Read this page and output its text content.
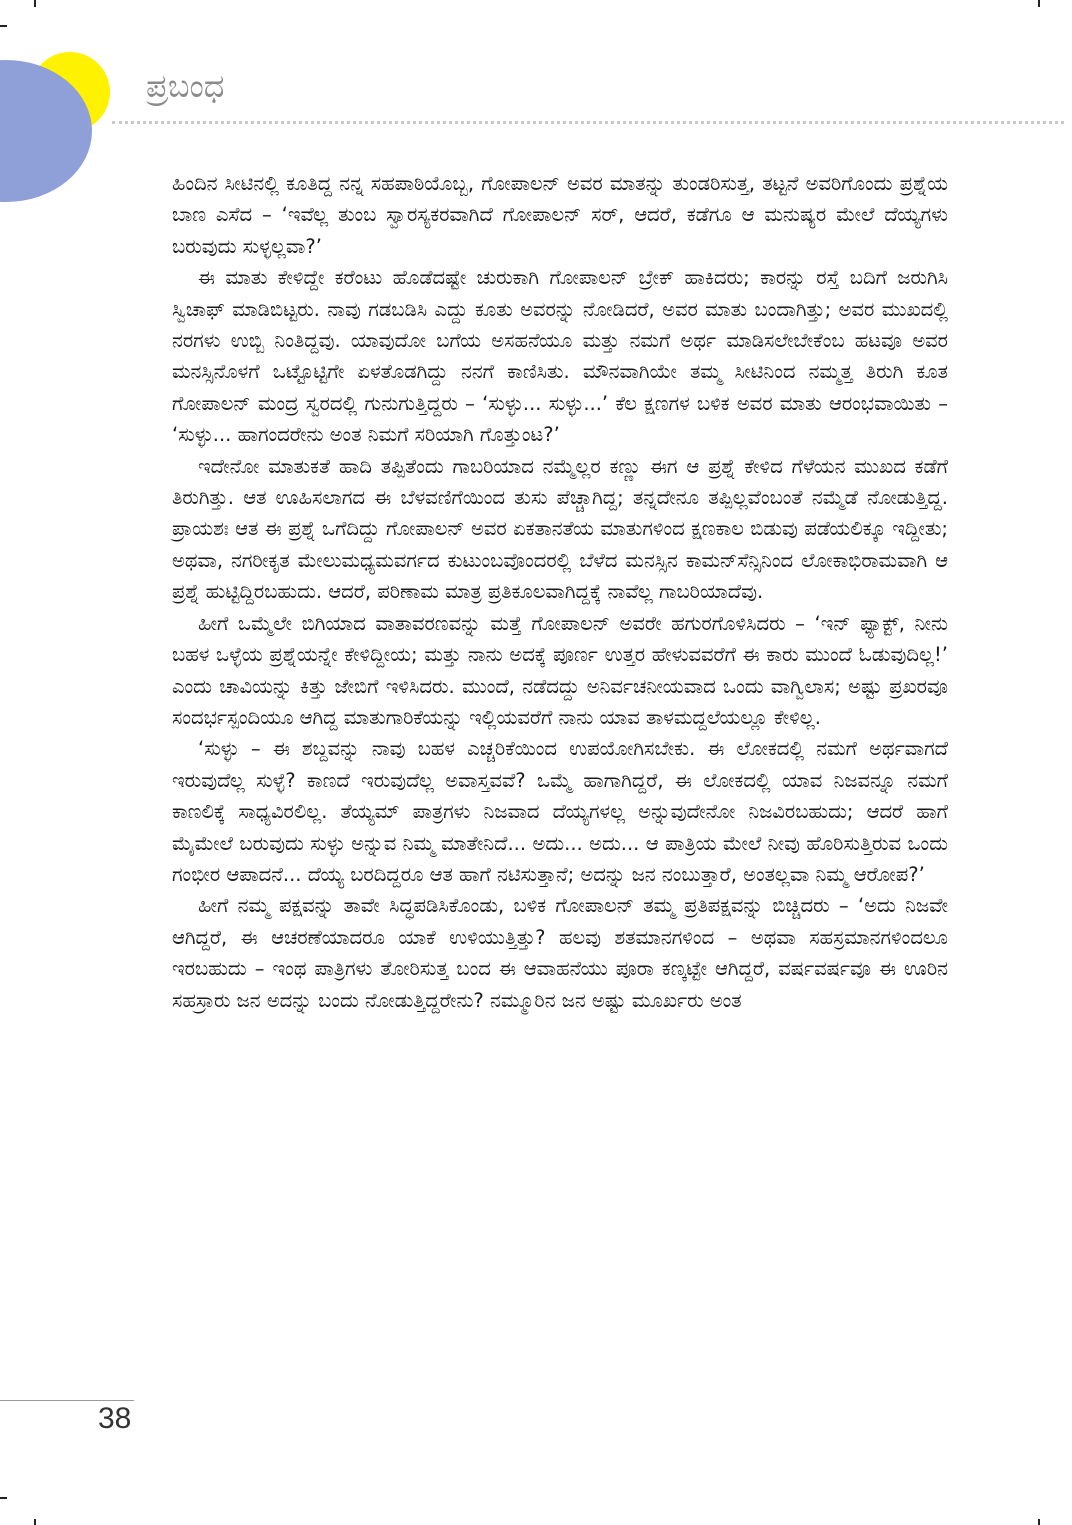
ಪ್ರಬಂಧ

ಹಿಂದಿನ ಸೀಟಿನಲ್ಲಿ ಕೂತಿದ್ದ ನನ್ನ ಸಹಪಾಠಿಯೊಬ್ಬ, ಗೋಪಾಲನ್ ಅವರ ಮಾತನ್ನು ತುಂಡರಿಸುತ್ತ, ತಟ್ಟನೆ ಅವರಿಗೊಂದು ಪ್ರಶ್ನೆಯ ಬಾಣ ಎಸೆದ – ‘ಇವೆಲ್ಲ ತುಂಬ ಸ್ವಾರಸ್ಯಕರವಾಗಿದೆ ಗೋಪಾಲನ್ ಸರ್, ಆದರೆ, ಕಡೆಗೂ ಆ ಮನುಷ್ಯರ ಮೇಲೆ ದೆಯ್ಯಗಳು ಬರುವುದು ಸುಳ್ಳಲ್ಲವಾ?’

ಈ ಮಾತು ಕೇಳಿದ್ದೇ ಕರೆಂಟು ಹೊಡೆದಷ್ಟೇ ಚುರುಕಾಗಿ ಗೋಪಾಲನ್ ಬ್ರೇಕ್ ಹಾಕಿದರು; ಕಾರನ್ನು ರಸ್ತೆ ಬದಿಗೆ ಜರುಗಿಸಿ ಸ್ವಿಚಾಫ್ ಮಾಡಿಬಿಟ್ಟರು. ನಾವು ಗಡಬಡಿಸಿ ಎದ್ದು ಕೂತು ಅವರನ್ನು ನೋಡಿದರೆ, ಅವರ ಮಾತು ಬಂದಾಗಿತ್ತು; ಅವರ ಮುಖದಲ್ಲಿ ನರಗಳು ಉಬ್ಬಿ ನಿಂತಿದ್ದವು. ಯಾವುದೋ ಬಗೆಯ ಅಸಹನೆಯೂ ಮತ್ತು ನಮಗೆ ಅರ್ಥ ಮಾಡಿಸಲೇಬೇಕೆಂಬ ಹಟವೂ ಅವರ ಮನಸ್ಸಿನೊಳಗೆ ಒಟ್ಟೊಟ್ಟಿಗೇ ಏಳತೊಡಗಿದ್ದು ನನಗೆ ಕಾಣಿಸಿತು. ಮೌನವಾಗಿಯೇ ತಮ್ಮ ಸೀಟಿನಿಂದ ನಮ್ಮತ್ತ ತಿರುಗಿ ಕೂತ ಗೋಪಾಲನ್ ಮಂದ್ರ ಸ್ವರದಲ್ಲಿ ಗುನುಗುತ್ತಿದ್ದರು – ‘ಸುಳ್ಳು... ಸುಳ್ಳು...’ ಕೆಲ ಕ್ಷಣಗಳ ಬಳಿಕ ಅವರ ಮಾತು ಆರಂಭವಾಯಿತು – ‘ಸುಳ್ಳು... ಹಾಗಂದರೇನು ಅಂತ ನಿಮಗೆ ಸರಿಯಾಗಿ ಗೊತ್ತುಂಟ?’

ಇದೇನೋ ಮಾತುಕತೆ ಹಾದಿ ತಪ್ಪಿತೆಂದು ಗಾಬರಿಯಾದ ನಮ್ಮೆಲ್ಲರ ಕಣ್ಣು ಈಗ ಆ ಪ್ರಶ್ನೆ ಕೇಳಿದ ಗೆಳೆಯನ ಮುಖದ ಕಡೆಗೆ ತಿರುಗಿತ್ತು. ಆತ ಊಹಿಸಲಾಗದ ಈ ಬೆಳವಣಿಗೆಯಿಂದ ತುಸು ಪೆಚ್ಚಾಗಿದ್ದ; ತನ್ನದೇನೂ ತಪ್ಪಿಲ್ಲವೆಂಬಂತೆ ನಮ್ಮೆಡೆ ನೋಡುತ್ತಿದ್ದ. ಪ್ರಾಯಶಃ ಆತ ಈ ಪ್ರಶ್ನೆ ಒಗೆದಿದ್ದು ಗೋಪಾಲನ್ ಅವರ ಏಕತಾನತೆಯ ಮಾತುಗಳಿಂದ ಕ್ಷಣಕಾಲ ಬಿಡುವು ಪಡೆಯಲಿಕ್ಕೂ ಇದ್ದೀತು; ಅಥವಾ, ನಗರೀಕೃತ ಮೇಲುಮಧ್ಯಮವರ್ಗದ ಕುಟುಂಬವೊಂದರಲ್ಲಿ ಬೆಳೆದ ಮನಸ್ಸಿನ ಕಾಮನ್‌ಸೆನ್ಸಿನಿಂದ ಲೋಕಾಭಿರಾಮವಾಗಿ ಆ ಪ್ರಶ್ನೆ ಹುಟ್ಟಿದ್ದಿರಬಹುದು. ಆದರೆ, ಪರಿಣಾಮ ಮಾತ್ರ ಪ್ರತಿಕೂಲವಾಗಿದ್ದಕ್ಕೆ ನಾವೆಲ್ಲ ಗಾಬರಿಯಾದೆವು.

ಹೀಗೆ ಒಮ್ಮೆಲೇ ಬಿಗಿಯಾದ ವಾತಾವರಣವನ್ನು ಮತ್ತೆ ಗೋಪಾಲನ್ ಅವರೇ ಹಗುರಗೊಳಿಸಿದರು – ‘ಇನ್ ಫ್ಯಾಕ್ಟ್, ನೀನು ಬಹಳ ಒಳ್ಳೆಯ ಪ್ರಶ್ನೆಯನ್ನೇ ಕೇಳಿದ್ದೀಯ; ಮತ್ತು ನಾನು ಅದಕ್ಕೆ ಪೂರ್ಣ ಉತ್ತರ ಹೇಳುವವರೆಗೆ ಈ ಕಾರು ಮುಂದೆ ಓಡುವುದಿಲ್ಲ!’ ಎಂದು ಚಾವಿಯನ್ನು ಕಿತ್ತು ಜೇಬಿಗೆ ಇಳಿಸಿದರು. ಮುಂದೆ, ನಡೆದದ್ದು ಅನಿರ್ವಚನೀಯವಾದ ಒಂದು ವಾಗ್ವಿಲಾಸ; ಅಷ್ಟು ಪ್ರಖರವೂ ಸಂದರ್ಭಸ್ಪಂದಿಯೂ ಆಗಿದ್ದ ಮಾತುಗಾರಿಕೆಯನ್ನು ಇಲ್ಲಿಯವರೆಗೆ ನಾನು ಯಾವ ತಾಳಮದ್ದಲೆಯಲ್ಲೂ ಕೇಳಿಲ್ಲ.

‘ಸುಳ್ಳು – ಈ ಶಬ್ದವನ್ನು ನಾವು ಬಹಳ ಎಚ್ಚರಿಕೆಯಿಂದ ಉಪಯೋಗಿಸಬೇಕು. ಈ ಲೋಕದಲ್ಲಿ ನಮಗೆ ಅರ್ಥವಾಗದೆ ಇರುವುದೆಲ್ಲ ಸುಳ್ಳೆ? ಕಾಣದೆ ಇರುವುದೆಲ್ಲ ಅವಾಸ್ತವವೆ? ಒಮ್ಮೆ ಹಾಗಾಗಿದ್ದರೆ, ಈ ಲೋಕದಲ್ಲಿ ಯಾವ ನಿಜವನ್ನೂ ನಮಗೆ ಕಾಣಲಿಕ್ಕೆ ಸಾಧ್ಯವಿರಲಿಲ್ಲ. ತೆಯ್ಯಮ್ ಪಾತ್ರಗಳು ನಿಜವಾದ ದೆಯ್ಯಗಳಲ್ಲ ಅನ್ನುವುದೇನೋ ನಿಜವಿರಬಹುದು; ಆದರೆ ಹಾಗೆ ಮೈಮೇಲೆ ಬರುವುದು ಸುಳ್ಳು ಅನ್ನುವ ನಿಮ್ಮ ಮಾತೇನಿದೆ... ಅದು... ಅದು... ಆ ಪಾತ್ರಿಯ ಮೇಲೆ ನೀವು ಹೊರಿಸುತ್ತಿರುವ ಒಂದು ಗಂಭೀರ ಆಪಾದನೆ... ದೆಯ್ಯ ಬರದಿದ್ದರೂ ಆತ ಹಾಗೆ ನಟಿಸುತ್ತಾನೆ; ಅದನ್ನು ಜನ ನಂಬುತ್ತಾರೆ, ಅಂತಲ್ಲವಾ ನಿಮ್ಮ ಆರೋಪ?’

ಹೀಗೆ ನಮ್ಮ ಪಕ್ಷವನ್ನು ತಾವೇ ಸಿದ್ಧಪಡಿಸಿಕೊಂಡು, ಬಳಿಕ ಗೋಪಾಲನ್ ತಮ್ಮ ಪ್ರತಿಪಕ್ಷವನ್ನು ಬಿಚ್ಚಿದರು – ‘ಅದು ನಿಜವೇ ಆಗಿದ್ದರೆ, ಈ ಆಚರಣೆಯಾದರೂ ಯಾಕೆ ಉಳಿಯುತ್ತಿತ್ತು? ಹಲವು ಶತಮಾನಗಳಿಂದ – ಅಥವಾ ಸಹಸ್ರಮಾನಗಳಿಂದಲೂ ಇರಬಹುದು – ಇಂಥ ಪಾತ್ರಿಗಳು ತೋರಿಸುತ್ತ ಬಂದ ಈ ಆವಾಹನೆಯು ಪೂರಾ ಕಣ್ಕಟ್ಟೇ ಆಗಿದ್ದರೆ, ವರ್ಷವರ್ಷವೂ ಈ ಊರಿನ ಸಹಸ್ರಾರು ಜನ ಅದನ್ನು ಬಂದು ನೋಡುತ್ತಿದ್ದರೇನು? ನಮ್ಮೂರಿನ ಜನ ಅಷ್ಟು ಮೂರ್ಖರು ಅಂತ

38
